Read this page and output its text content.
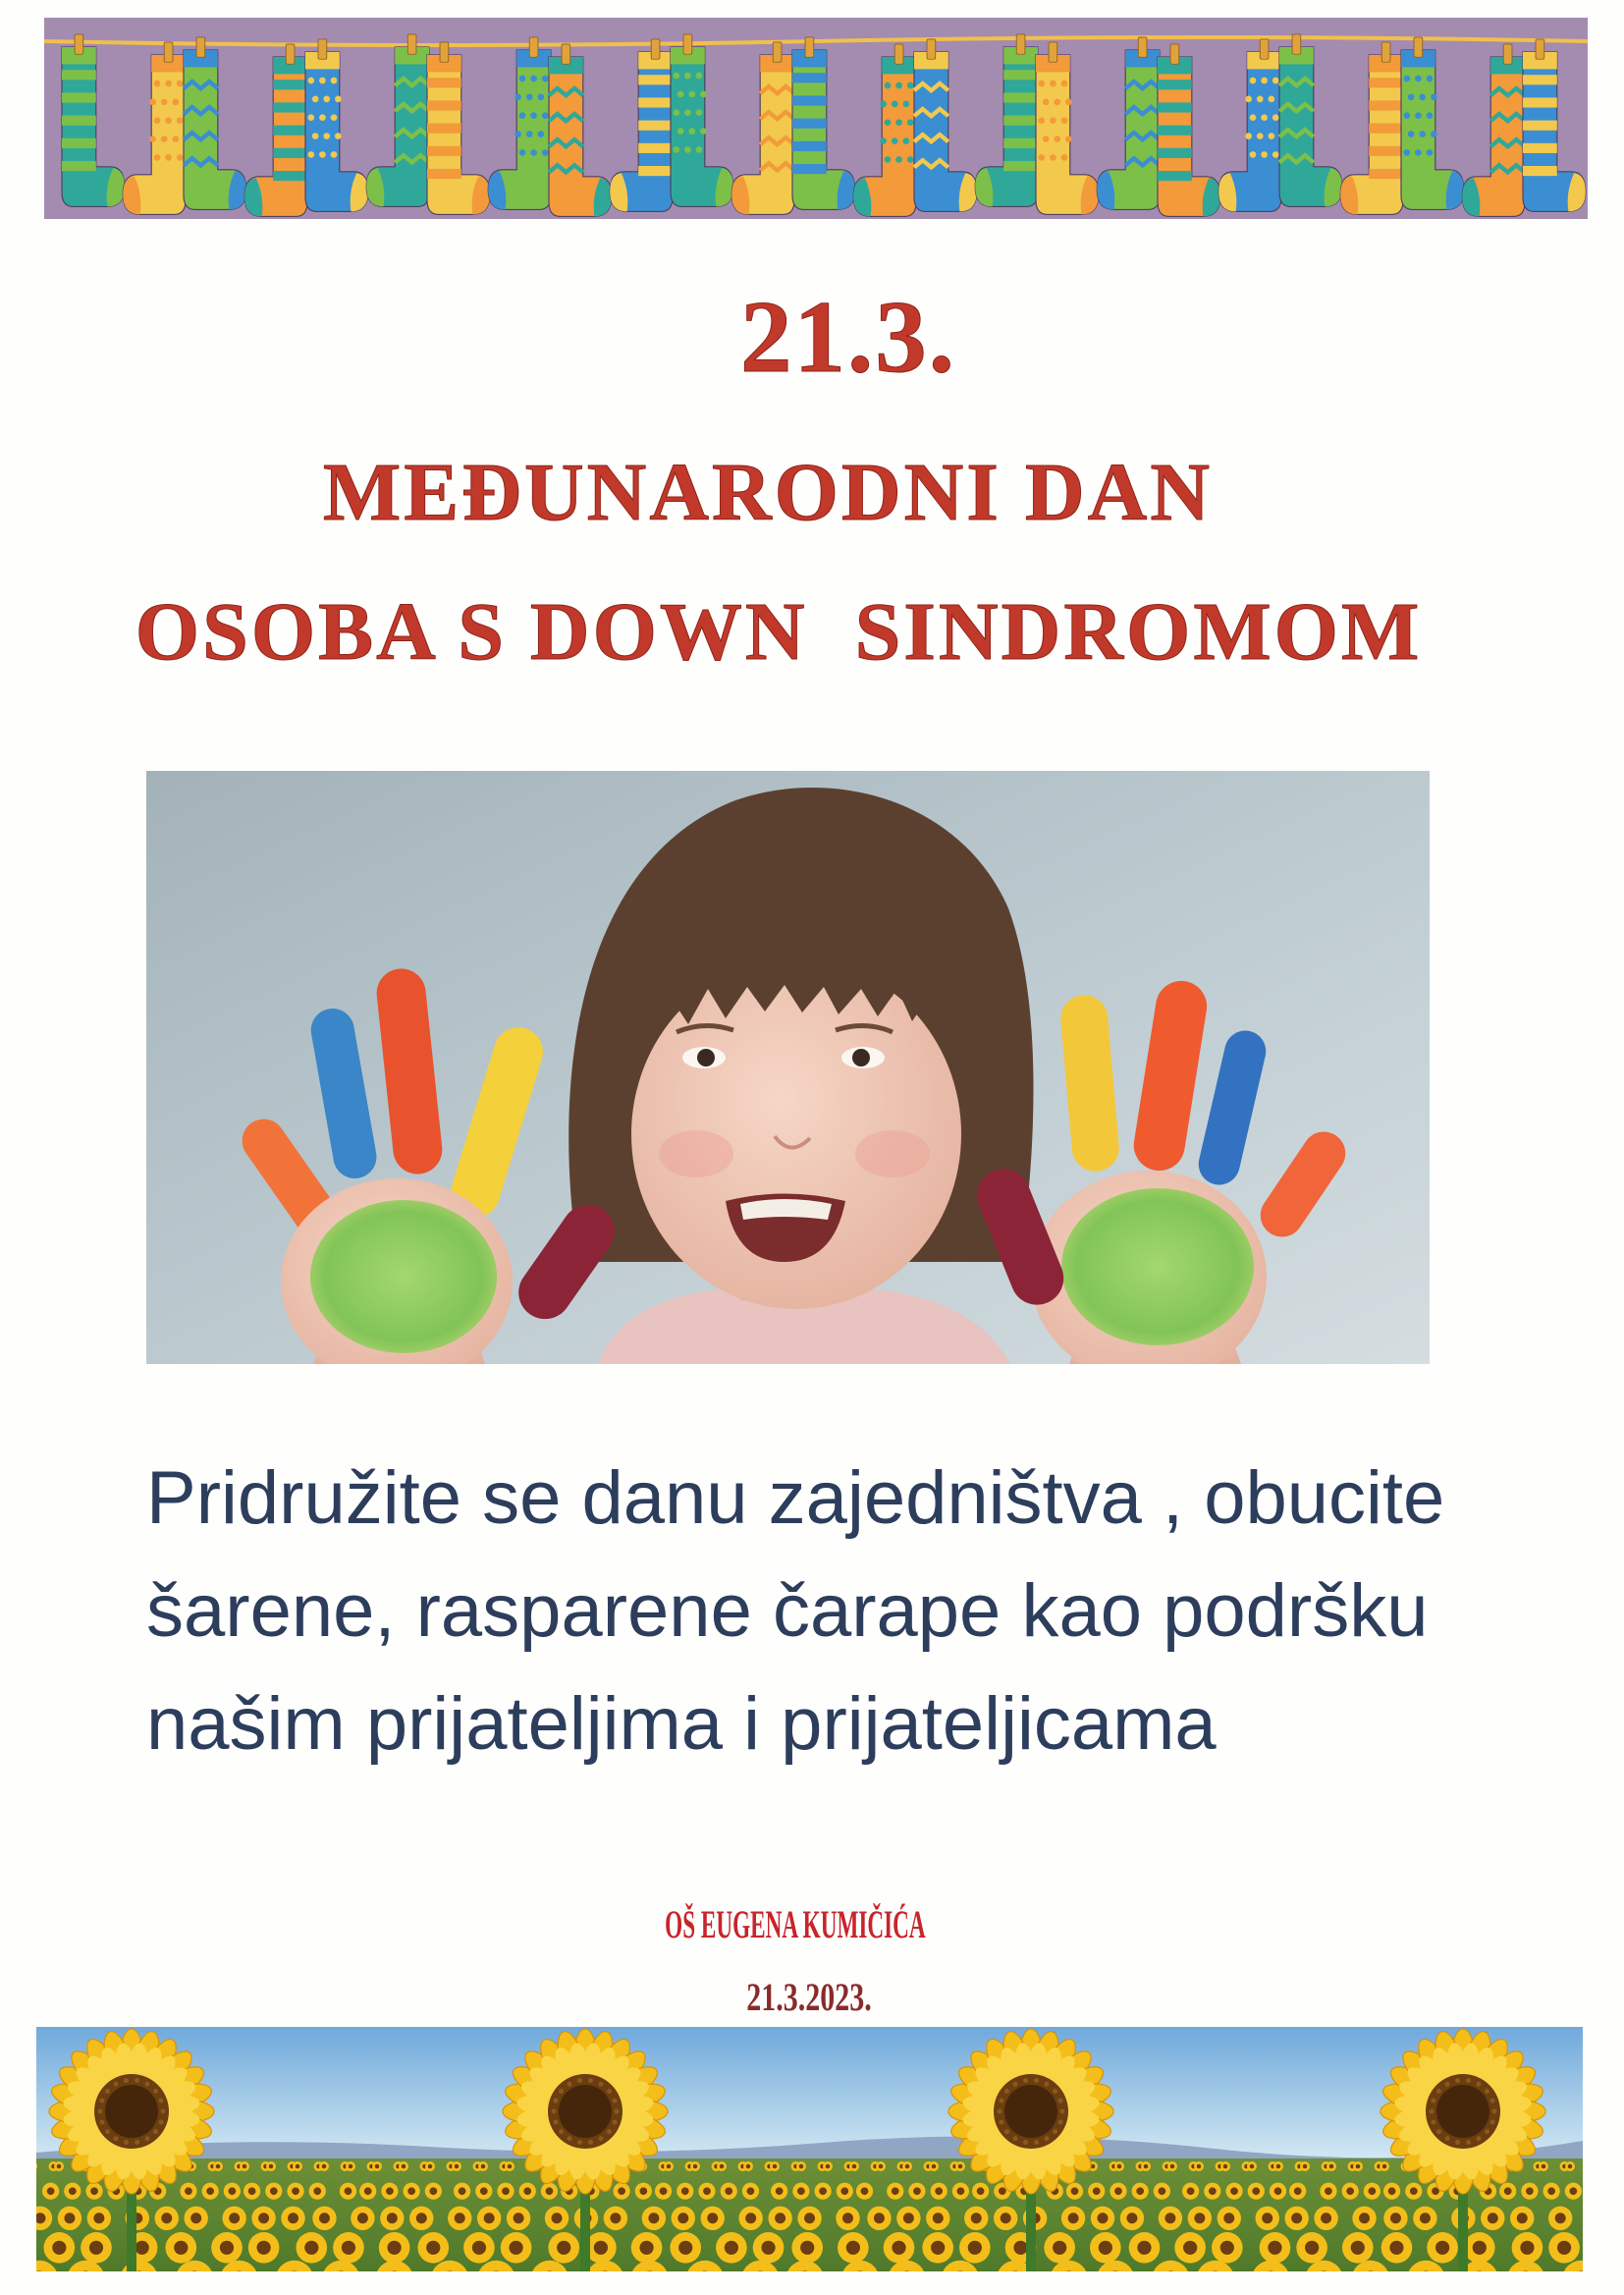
21.3.
MEĐUNARODNI DAN
OSOBA S DOWN  SINDROMOM
Pridružite se danu zajedništva , obucite
šarene, rasparene čarape kao podršku
našim prijateljima i prijateljicama
OŠ EUGENA KUMIČIĆA
21.3.2023.
